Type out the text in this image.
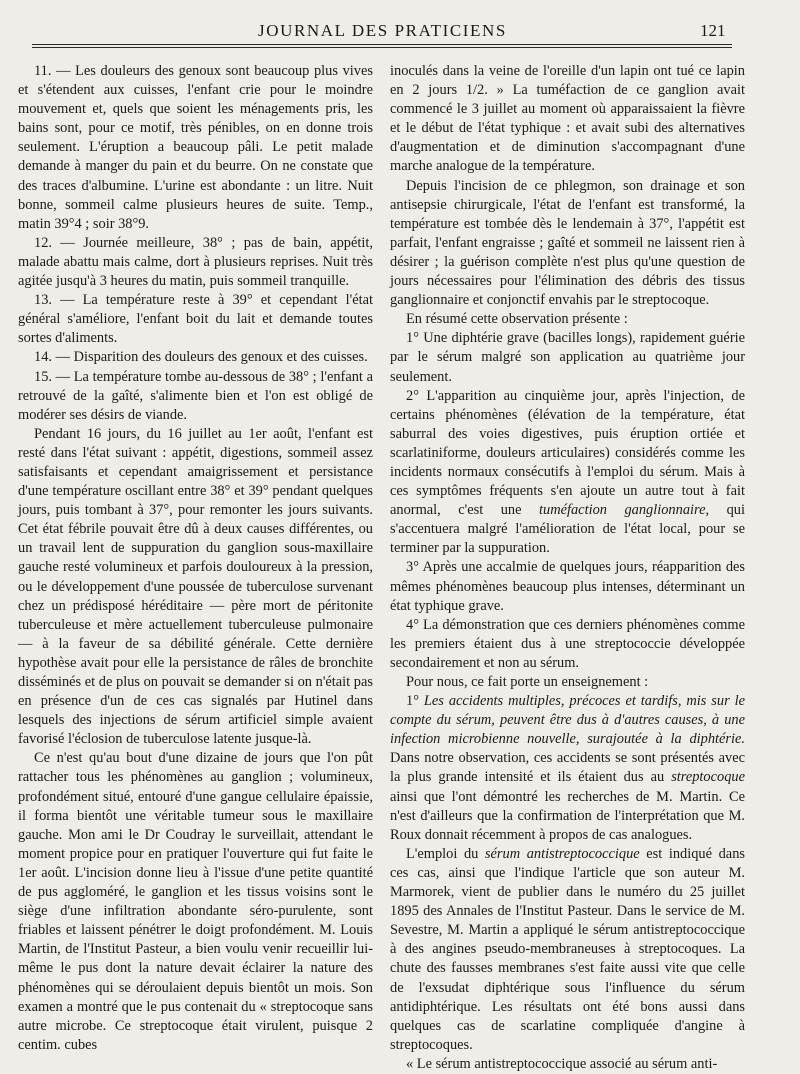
JOURNAL DES PRATICIENS	121

11. — Les douleurs des genoux sont beaucoup plus vives et s'étendent aux cuisses, l'enfant crie pour le moindre mouvement et, quels que soient les ménagements pris, les bains sont, pour ce motif, très pénibles, on en donne trois seulement. L'éruption a beaucoup pâli. Le petit malade demande à manger du pain et du beurre. On ne constate que des traces d'albumine. L'urine est abondante : un litre. Nuit bonne, sommeil calme plusieurs heures de suite. Temp., matin 39°4 ; soir 38°9.

12. — Journée meilleure, 38° ; pas de bain, appétit, malade abattu mais calme, dort à plusieurs reprises. Nuit très agitée jusqu'à 3 heures du matin, puis sommeil tranquille.

13. — La température reste à 39° et cependant l'état général s'améliore, l'enfant boit du lait et demande toutes sortes d'aliments.

14. — Disparition des douleurs des genoux et des cuisses.

15. — La température tombe au-dessous de 38° ; l'enfant a retrouvé de la gaîté, s'alimente bien et l'on est obligé de modérer ses désirs de viande.

Pendant 16 jours, du 16 juillet au 1er août, l'enfant est resté dans l'état suivant : appétit, digestions, sommeil assez satisfaisants et cependant amaigrissement et persistance d'une température oscillant entre 38° et 39° pendant quelques jours, puis tombant à 37°, pour remonter les jours suivants. Cet état fébrile pouvait être dû à deux causes différentes, ou un travail lent de suppuration du ganglion sous-maxillaire gauche resté volumineux et parfois douloureux à la pression, ou le développement d'une poussée de tuberculose survenant chez un prédisposé héréditaire — père mort de péritonite tuberculeuse et mère actuellement tuberculeuse pulmonaire — à la faveur de sa débilité générale. Cette dernière hypothèse avait pour elle la persistance de râles de bronchite disséminés et de plus on pouvait se demander si on n'était pas en présence d'un de ces cas signalés par Hutinel dans lesquels des injections de sérum artificiel simple avaient favorisé l'éclosion de tuberculose latente jusque-là.

Ce n'est qu'au bout d'une dizaine de jours que l'on pût rattacher tous les phénomènes au ganglion ; volumineux, profondément situé, entouré d'une gangue cellulaire épaissie, il forma bientôt une véritable tumeur sous le maxillaire gauche. Mon ami le Dr Coudray le surveillait, attendant le moment propice pour en pratiquer l'ouverture qui fut faite le 1er août. L'incision donne lieu à l'issue d'une petite quantité de pus aggloméré, le ganglion et les tissus voisins sont le siège d'une infiltration abondante séro-purulente, sont friables et laissent pénétrer le doigt profondément. M. Louis Martin, de l'Institut Pasteur, a bien voulu venir recueillir lui-même le pus dont la nature devait éclairer la nature des phénomènes qui se déroulaient depuis bientôt un mois. Son examen a montré que le pus contenait du « streptocoque sans autre microbe. Ce streptocoque était virulent, puisque 2 centim. cubes

inoculés dans la veine de l'oreille d'un lapin ont tué ce lapin en 2 jours 1/2. » La tuméfaction de ce ganglion avait commencé le 3 juillet au moment où apparaissaient la fièvre et le début de l'état typhique : et avait subi des alternatives d'augmentation et de diminution s'accompagnant d'une marche analogue de la température.

Depuis l'incision de ce phlegmon, son drainage et son antisepsie chirurgicale, l'état de l'enfant est transformé, la température est tombée dès le lendemain à 37°, l'appétit est parfait, l'enfant engraisse ; gaîté et sommeil ne laissent rien à désirer ; la guérison complète n'est plus qu'une question de jours nécessaires pour l'élimination des débris des tissus ganglionnaire et conjonctif envahis par le streptocoque.

En résumé cette observation présente :

1° Une diphtérie grave (bacilles longs), rapidement guérie par le sérum malgré son application au quatrième jour seulement.

2° L'apparition au cinquième jour, après l'injection, de certains phénomènes (élévation de la température, état saburral des voies digestives, puis éruption ortiée et scarlatiniforme, douleurs articulaires) considérés comme les incidents normaux consécutifs à l'emploi du sérum. Mais à ces symptômes fréquents s'en ajoute un autre tout à fait anormal, c'est une tuméfaction ganglionnaire, qui s'accentuera malgré l'amélioration de l'état local, pour se terminer par la suppuration.

3° Après une accalmie de quelques jours, réapparition des mêmes phénomènes beaucoup plus intenses, déterminant un état typhique grave.

4° La démonstration que ces derniers phénomènes comme les premiers étaient dus à une streptococcie développée secondairement et non au sérum.

Pour nous, ce fait porte un enseignement :

1° Les accidents multiples, précoces et tardifs, mis sur le compte du sérum, peuvent être dus à d'autres causes, à une infection microbienne nouvelle, surajoutée à la diphtérie. Dans notre observation, ces accidents se sont présentés avec la plus grande intensité et ils étaient dus au streptocoque ainsi que l'ont démontré les recherches de M. Martin. Ce n'est d'ailleurs que la confirmation de l'interprétation que M. Roux donnait récemment à propos de cas analogues.

L'emploi du sérum antistreptococcique est indiqué dans ces cas, ainsi que l'indique l'article que son auteur M. Marmorek, vient de publier dans le numéro du 25 juillet 1895 des Annales de l'Institut Pasteur. Dans le service de M. Sevestre, M. Martin a appliqué le sérum antistreptococcique à des angines pseudo-membraneuses à streptocoques. La chute des fausses membranes s'est faite aussi vite que celle de l'exsudat diphtérique sous l'influence du sérum antidiphtérique. Les résultats ont été bons aussi dans quelques cas de scarlatine compliquée d'angine à streptocoques.

« Le sérum antistreptococcique associé au sérum anti-
